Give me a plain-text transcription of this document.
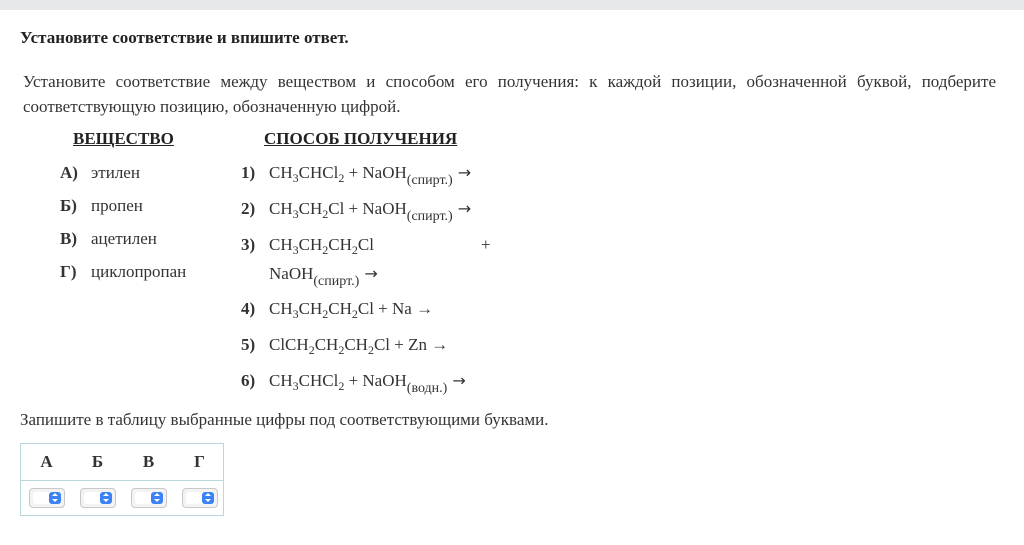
Установите соответствие и впишите ответ.
Установите соответствие между веществом и способом его получения: к каждой позиции, обозначенной буквой, подберите соответствующую позицию, обозначенную цифрой.
ВЕЩЕСТВО	СПОСОБ ПОЛУЧЕНИЯ
А) этилен
Б) пропен
В) ацетилен
Г) циклопропан
1) $CH_3CHCl_2$ + NaOH$_{(спирт.)}$ →
2) $CH_3CH_2Cl$ + NaOH$_{(спирт.)}$ →
3) $CH_3CH_2CH_2Cl$	+
NaOH$_{(спирт.)}$ →
4) $CH_3CH_2CH_2Cl + Na$ →
5) $ClCH_2CH_2CH_2Cl + Zn$ →
6) $CH_3CHCl_2$ + NaOH$_{(водн.)}$ →
Запишите в таблицу выбранные цифры под соответствующими буквами.
А	Б	В	Г
